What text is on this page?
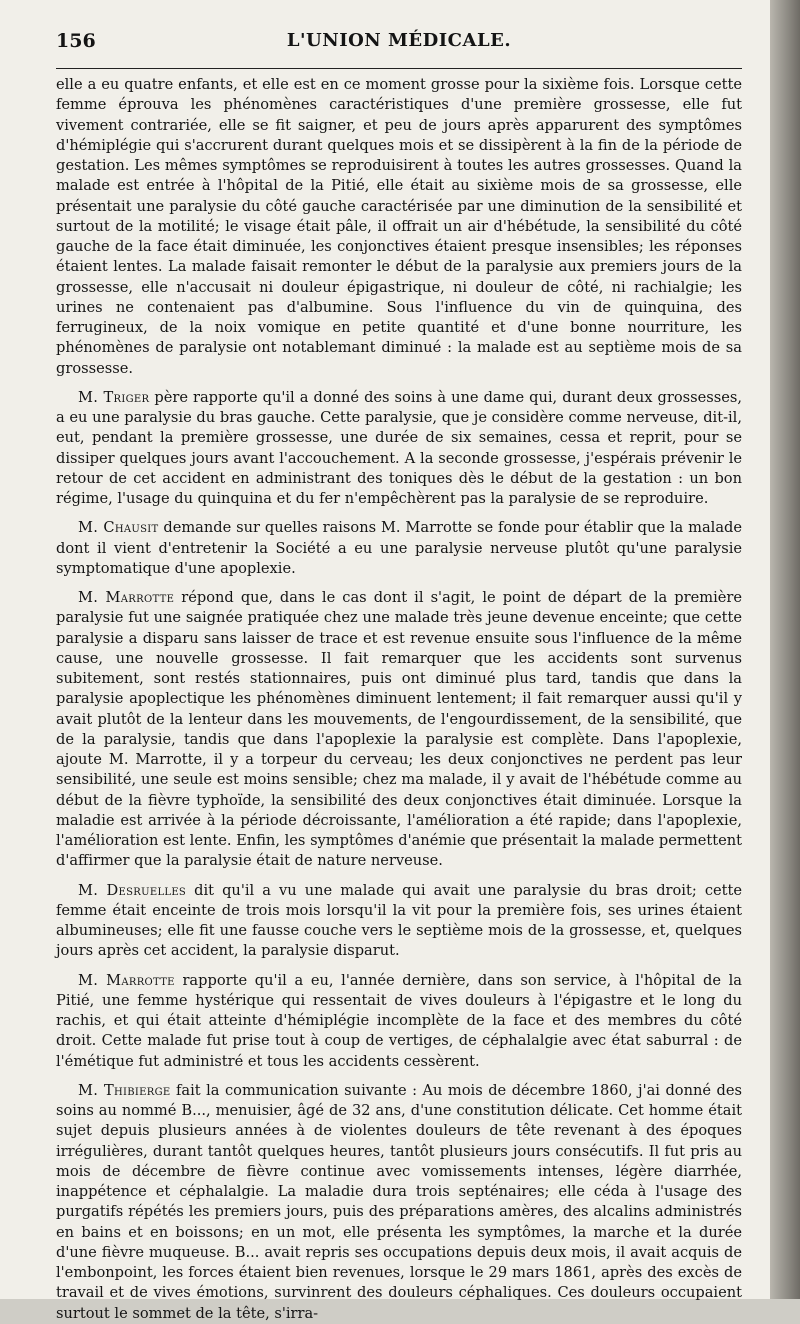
156	L'UNION MÉDICALE.

elle a eu quatre enfants, et elle est en ce moment grosse pour la sixième fois. Lorsque cette femme éprouva les phénomènes caractéristiques d'une première grossesse, elle fut vivement contrariée, elle se fit saigner, et peu de jours après apparurent des symptômes d'hémiplégie qui s'accrurent durant quelques mois et se dissipèrent à la fin de la période de gestation. Les mêmes symptômes se reproduisirent à toutes les autres grossesses. Quand la malade est entrée à l'hôpital de la Pitié, elle était au sixième mois de sa grossesse, elle présentait une paralysie du côté gauche caractérisée par une diminution de la sensibilité et surtout de la motilité; le visage était pâle, il offrait un air d'hébétude, la sensibilité du côté gauche de la face était diminuée, les conjonctives étaient presque insensibles; les réponses étaient lentes. La malade faisait remonter le début de la paralysie aux premiers jours de la grossesse, elle n'accusait ni douleur épigastrique, ni douleur de côté, ni rachialgie; les urines ne contenaient pas d'albumine. Sous l'influence du vin de quinquina, des ferrugineux, de la noix vomique en petite quantité et d'une bonne nourriture, les phénomènes de paralysie ont notablemant diminué : la malade est au septième mois de sa grossesse.

M. Triger père rapporte qu'il a donné des soins à une dame qui, durant deux grossesses, a eu une paralysie du bras gauche. Cette paralysie, que je considère comme nerveuse, dit-il, eut, pendant la première grossesse, une durée de six semaines, cessa et reprit, pour se dissiper quelques jours avant l'accouchement. A la seconde grossesse, j'espérais prévenir le retour de cet accident en administrant des toniques dès le début de la gestation : un bon régime, l'usage du quinquina et du fer n'empêchèrent pas la paralysie de se reproduire.

M. Chausit demande sur quelles raisons M. Marrotte se fonde pour établir que la malade dont il vient d'entretenir la Société a eu une paralysie nerveuse plutôt qu'une paralysie symptomatique d'une apoplexie.

M. Marrotte répond que, dans le cas dont il s'agit, le point de départ de la première paralysie fut une saignée pratiquée chez une malade très jeune devenue enceinte; que cette paralysie a disparu sans laisser de trace et est revenue ensuite sous l'influence de la même cause, une nouvelle grossesse. Il fait remarquer que les accidents sont survenus subitement, sont restés stationnaires, puis ont diminué plus tard, tandis que dans la paralysie apoplectique les phénomènes diminuent lentement; il fait remarquer aussi qu'il y avait plutôt de la lenteur dans les mouvements, de l'engourdissement, de la sensibilité, que de la paralysie, tandis que dans l'apoplexie la paralysie est complète. Dans l'apoplexie, ajoute M. Marrotte, il y a torpeur du cerveau; les deux conjonctives ne perdent pas leur sensibilité, une seule est moins sensible; chez ma malade, il y avait de l'hébétude comme au début de la fièvre typhoïde, la sensibilité des deux conjonctives était diminuée. Lorsque la maladie est arrivée à la période décroissante, l'amélioration a été rapide; dans l'apoplexie, l'amélioration est lente. Enfin, les symptômes d'anémie que présentait la malade permettent d'affirmer que la paralysie était de nature nerveuse.

M. Desruelles dit qu'il a vu une malade qui avait une paralysie du bras droit; cette femme était enceinte de trois mois lorsqu'il la vit pour la première fois, ses urines étaient albumineuses; elle fit une fausse couche vers le septième mois de la grossesse, et, quelques jours après cet accident, la paralysie disparut.

M. Marrotte rapporte qu'il a eu, l'année dernière, dans son service, à l'hôpital de la Pitié, une femme hystérique qui ressentait de vives douleurs à l'épigastre et le long du rachis, et qui était atteinte d'hémiplégie incomplète de la face et des membres du côté droit. Cette malade fut prise tout à coup de vertiges, de céphalalgie avec état saburral : de l'émétique fut administré et tous les accidents cessèrent.

M. Thibierge fait la communication suivante : Au mois de décembre 1860, j'ai donné des soins au nommé B..., menuisier, âgé de 32 ans, d'une constitution délicate. Cet homme était sujet depuis plusieurs années à de violentes douleurs de tête revenant à des époques irrégulières, durant tantôt quelques heures, tantôt plusieurs jours consécutifs. Il fut pris au mois de décembre de fièvre continue avec vomissements intenses, légère diarrhée, inappétence et céphalalgie. La maladie dura trois septénaires; elle céda à l'usage des purgatifs répétés les premiers jours, puis des préparations amères, des alcalins administrés en bains et en boissons; en un mot, elle présenta les symptômes, la marche et la durée d'une fièvre muqueuse. B... avait repris ses occupations depuis deux mois, il avait acquis de l'embonpoint, les forces étaient bien revenues, lorsque le 29 mars 1861, après des excès de travail et de vives émotions, survinrent des douleurs céphaliques. Ces douleurs occupaient surtout le sommet de la tête, s'irra-
